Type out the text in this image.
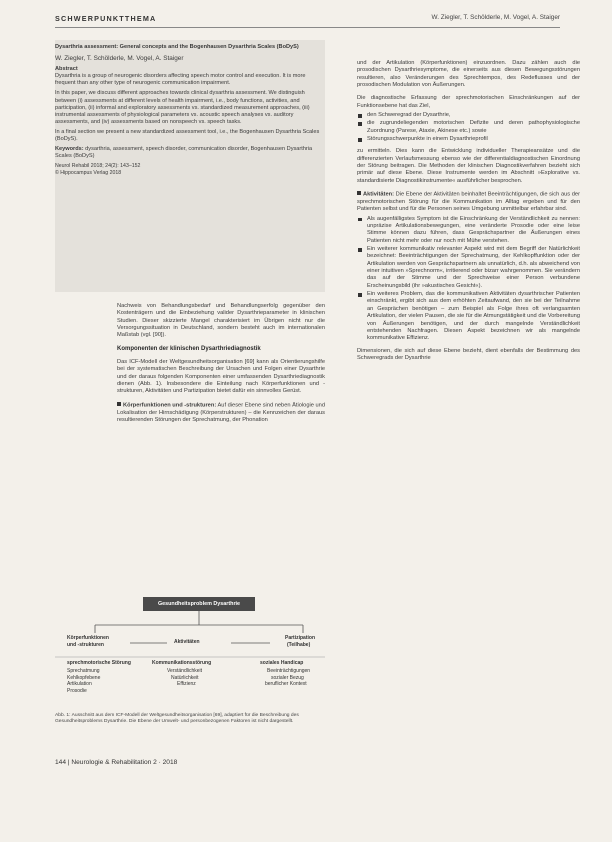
SCHWERPUNKTTHEMA	W. Ziegler, T. Schölderle, M. Vogel, A. Staiger

Dysarthria assessment: General concepts and the Bogenhausen Dysarthria Scales (BoDyS)

W. Ziegler, T. Schölderle, M. Vogel, A. Staiger

Abstract

Dysarthria is a group of neurogenic disorders affecting speech motor control and execution. It is more frequent than any other type of neurogenic communication impairment.

In this paper, we discuss different approaches towards clinical dysarthria assessment. We distinguish between (i) assessments at different levels of health impairment, i.e., body functions, activities, and participation, (ii) informal and exploratory assessments vs. standardized measurement approaches, (iii) instrumental assessments of physiological parameters vs. acoustic speech analyses vs. auditory assessments, and (iv) assessments based on nonspeech vs. speech tasks.

In a final section we present a new standardized assessment tool, i.e., the Bogenhausen Dysarthria Scales (BoDyS).

Keywords: dysarthria, assessment, speech disorder, communication disorder, Bogenhausen Dysarthria Scales (BoDyS)

Neurol Rehabil 2018; 24(2): 143–152
© Hippocampus Verlag 2018

Nachweis von Behandlungsbedarf und Behandlungserfolg gegenüber den Kostenträgern und die Einbeziehung valider Dysarthrieparameter in klinischen Studien. Dieser skizzierte Mangel charakterisiert im Übrigen nicht nur die Versorgungssituation in Deutschland, sondern besteht auch im internationalen Maßstab (vgl. [90]).

Komponenten der klinischen Dysarthriediagnostik

Das ICF-Modell der Weltgesundheitsorganisation [69] kann als Orientierungshilfe bei der systematischen Beschreibung der Ursachen und Folgen einer Dysarthrie und der daraus folgenden Komponenten einer umfassenden Dysarthriediagnostik dienen (Abb. 1). Insbesondere die Einteilung nach Körperfunktionen und -strukturen, Aktivitäten und Partizipation bietet dafür ein sinnvolles Gerüst.

Körperfunktionen und -strukturen: Auf dieser Ebene sind neben Ätiologie und Lokalisation der Hirnschädigung (Körperstrukturen) – die Kennzeichen der daraus resultierenden Störungen der Sprechatmung, der Phonation

und der Artikulation (Körperfunktionen) einzuordnen. Dazu zählen auch die prosodischen Dysarthriesymptome, die einerseits aus diesen Bewegungsstörungen resultieren, also Veränderungen des Sprechtempos, des Redeflusses und der prosodischen Modulation von Äußerungen.

Die diagnostische Erfassung der sprechmotorischen Einschränkungen auf der Funktionsebene hat das Ziel,

den Schweregrad der Dysarthrie,
die zugrundeliegenden motorischen Defizite und deren pathophysiologische Zuordnung (Parese, Ataxie, Akinese etc.) sowie
Störungsschwerpunkte in einem Dysarthrieprofil

zu ermitteln. Dies kann die Entwicklung individueller Therapieansätze und die differenzierten Verlaufsmessung ebenso wie der differentialdiagnostischen Einordnung der Störung beitragen. Die Methoden der klinischen Diagnostikverfahren bezieht sich primär auf diese Ebene. Diese Instrumente werden im Abschnitt »Explorative vs. standardisierte Diagnostikinstrumente« ausführlicher besprochen.

Aktivitäten: Die Ebene der Aktivitäten beinhaltet Beeinträchtigungen, die sich aus der sprechmotorischen Störung für die Kommunikation im Alltag ergeben und für den Patienten selbst und für die Personen seines Umgebung unmittelbar erfahrbar sind.

Als augenfälligstes Symptom ist die Einschränkung der Verständlichkeit zu nennen: unpräzise Artikulationsbewegungen, eine veränderte Prosodie oder eine leise Stimme können dazu führen, dass Gesprächspartner die Äußerungen eines Patienten nicht mehr oder nur noch mit Mühe verstehen.
Ein weiterer kommunikativ relevanter Aspekt wird mit dem Begriff der Natürlichkeit bezeichnet: Beeinträchtigungen der Sprechatmung, der Kehlkopffunktion oder der Artikulation werden von Gesprächspartnern als unnatürlich, d.h. als abweichend von einer intuitiven »Sprechnorm«, irritierend oder bizarr wahrgenommen. Sie verändern das auf der Stimme und der Sprechweise einer Person verbundene Erscheinungsbild (ihr »akustisches Gesicht«).
Ein weiteres Problem, das die kommunikativen Aktivitäten dysarthrischer Patienten einschränkt, ergibt sich aus dem erhöhten Zeitaufwand, den sie bei der Teilnahme an Gesprächen benötigen – zum Beispiel als Folge ihres oft verlangsamten Artikulation, der vielen Pausen, die sie für die Atmungstätigkeit und die Vorbereitung von Äußerungen benötigen, und der durch mangelnde Verständlichkeit entstehenden Nachfragen. Diesen Aspekt bezeichnen wir als mangelnde kommunikative Effizienz.

Dimensionen, die sich auf diese Ebene bezieht, dient ebenfalls der Bestimmung des Schweregrads der Dysarthrie

Gesundheitsproblem Dysarthrie
Körperfunktionen
und -strukturen	Aktivitäten
Partizipation
(Teilhabe)
sprechmotorische Störung	Kommunikationsstörung	soziales Handicap
Sprechatmung
Kehlkopfebene
Artikulation
Prosodie
Verständlichkeit
Natürlichkeit
Effizienz
Beeinträchtigungen
sozialer Bezug
beruflicher Kontext
Abb. 1: Ausschnitt aus dem ICF-Modell der Weltgesundheitsorganisation [69], adaptiert für die Beschreibung des Gesundheitsproblems Dysarthrie. Die Ebene der Umwelt- und personbezogenen Faktoren ist nicht dargestellt.
144 | Neurologie & Rehabilitation 2 · 2018
